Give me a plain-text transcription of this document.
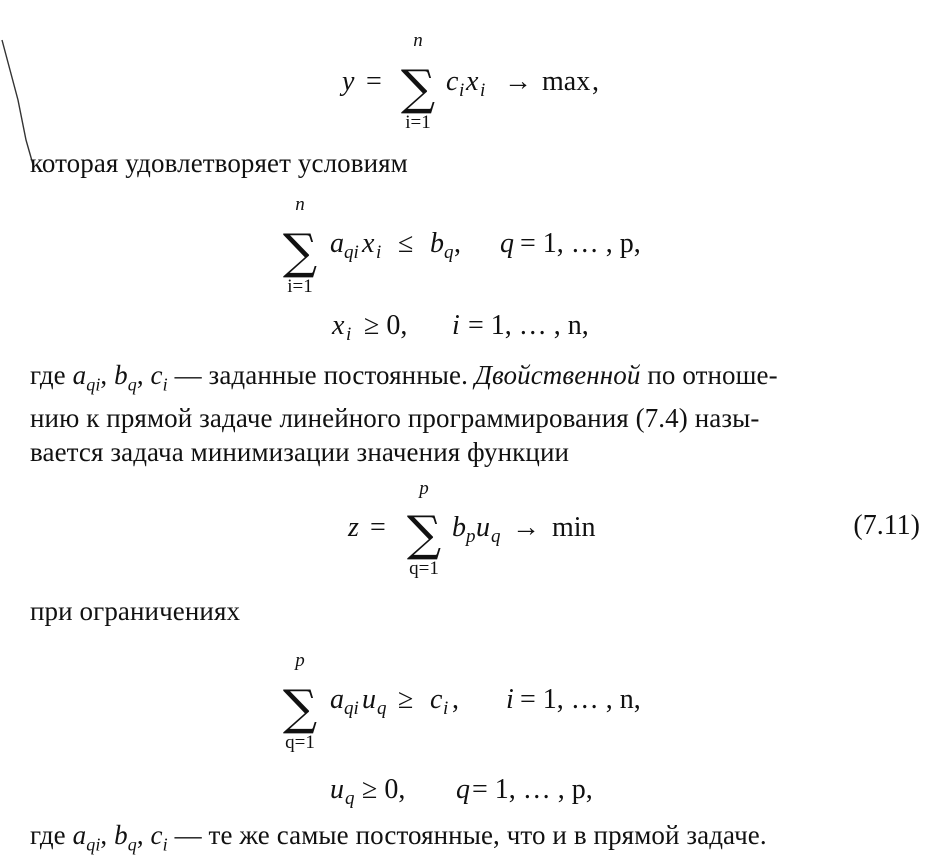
y =
n
∑
i=1
c i x i → max ,
которая удовлетворяет условиям
n
∑
i=1
a qi x i ≤ b q , q = 1, … , p,
x i ≥ 0, i = 1, … , n,
где $a_{qi}$, $b_q$, $c_i$ — заданные постоянные. Двойственной по отноше-
нию к прямой задаче линейного программирования (7.4) назы-
вается задача минимизации значения функции
z =
p
∑
q=1
b p u q → min	(7.11)
при ограничениях
p
∑
q=1
a qi u q ≥ c i , i = 1, … , n,
u q ≥ 0, q = 1, … , p,
где $a_{qi}$, $b_q$, $c_i$ — те же самые постоянные, что и в прямой задаче.
